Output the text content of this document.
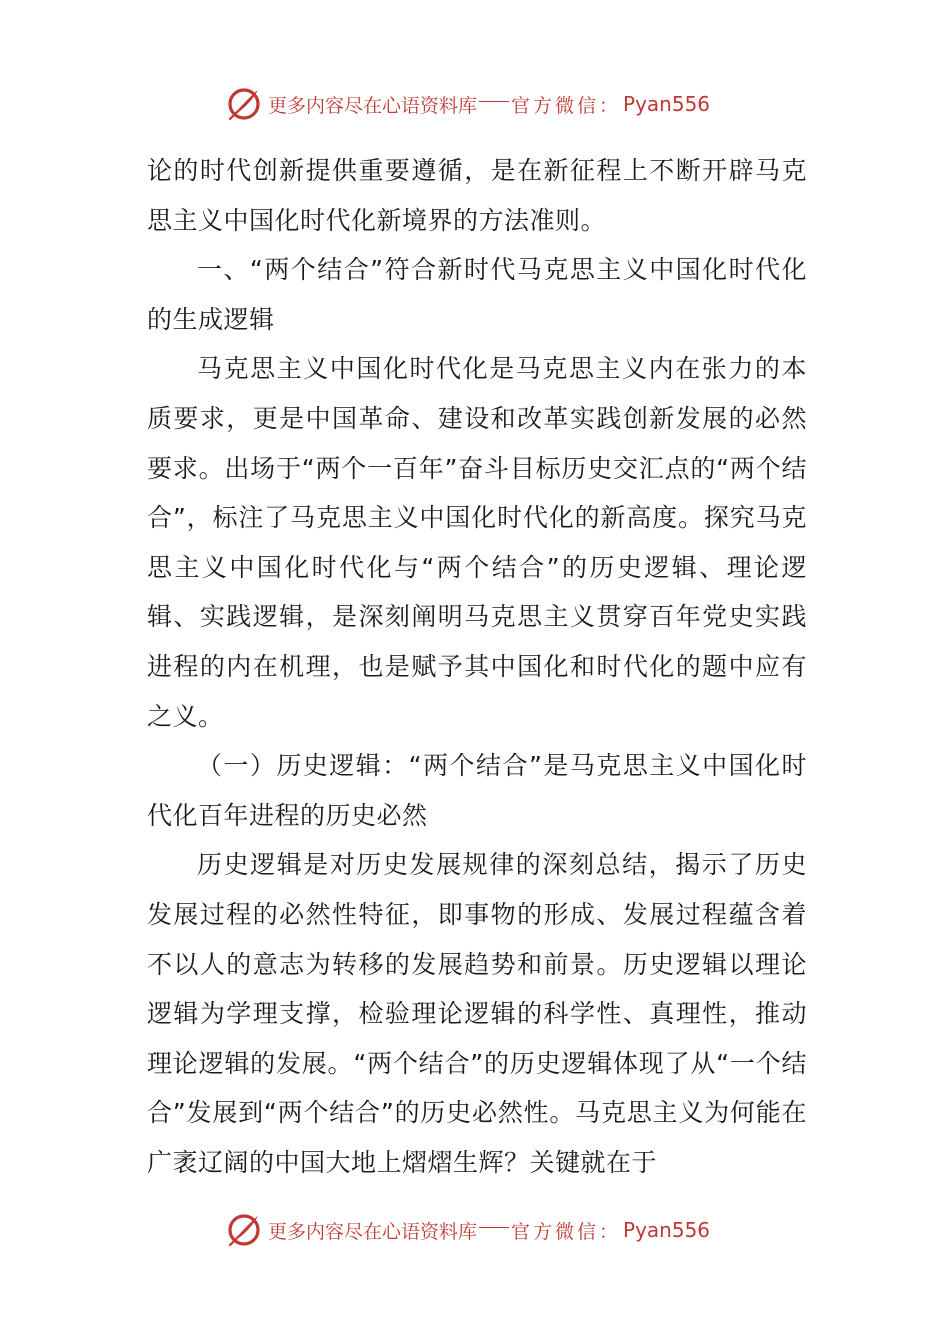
更多内容尽在心语资料库 官方微信： Pyan556

论的时代创新提供重要遵循，是在新征程上不断开辟马克思主义中国化时代化新境界的方法准则。

一、“两个结合”符合新时代马克思主义中国化时代化的生成逻辑

马克思主义中国化时代化是马克思主义内在张力的本质要求，更是中国革命、建设和改革实践创新发展的必然要求。出场于“两个一百年”奋斗目标历史交汇点的“两个结合”，标注了马克思主义中国化时代化的新高度。探究马克思主义中国化时代化与“两个结合”的历史逻辑、理论逻辑、实践逻辑，是深刻阐明马克思主义贯穿百年党史实践进程的内在机理，也是赋予其中国化和时代化的题中应有之义。

（一）历史逻辑：“两个结合”是马克思主义中国化时代化百年进程的历史必然

历史逻辑是对历史发展规律的深刻总结，揭示了历史发展过程的必然性特征，即事物的形成、发展过程蕴含着不以人的意志为转移的发展趋势和前景。历史逻辑以理论逻辑为学理支撑，检验理论逻辑的科学性、真理性，推动理论逻辑的发展。“两个结合”的历史逻辑体现了从“一个结合”发展到“两个结合”的历史必然性。马克思主义为何能在广袤辽阔的中国大地上熠熠生辉？关键就在于

更多内容尽在心语资料库 官方微信： Pyan556
